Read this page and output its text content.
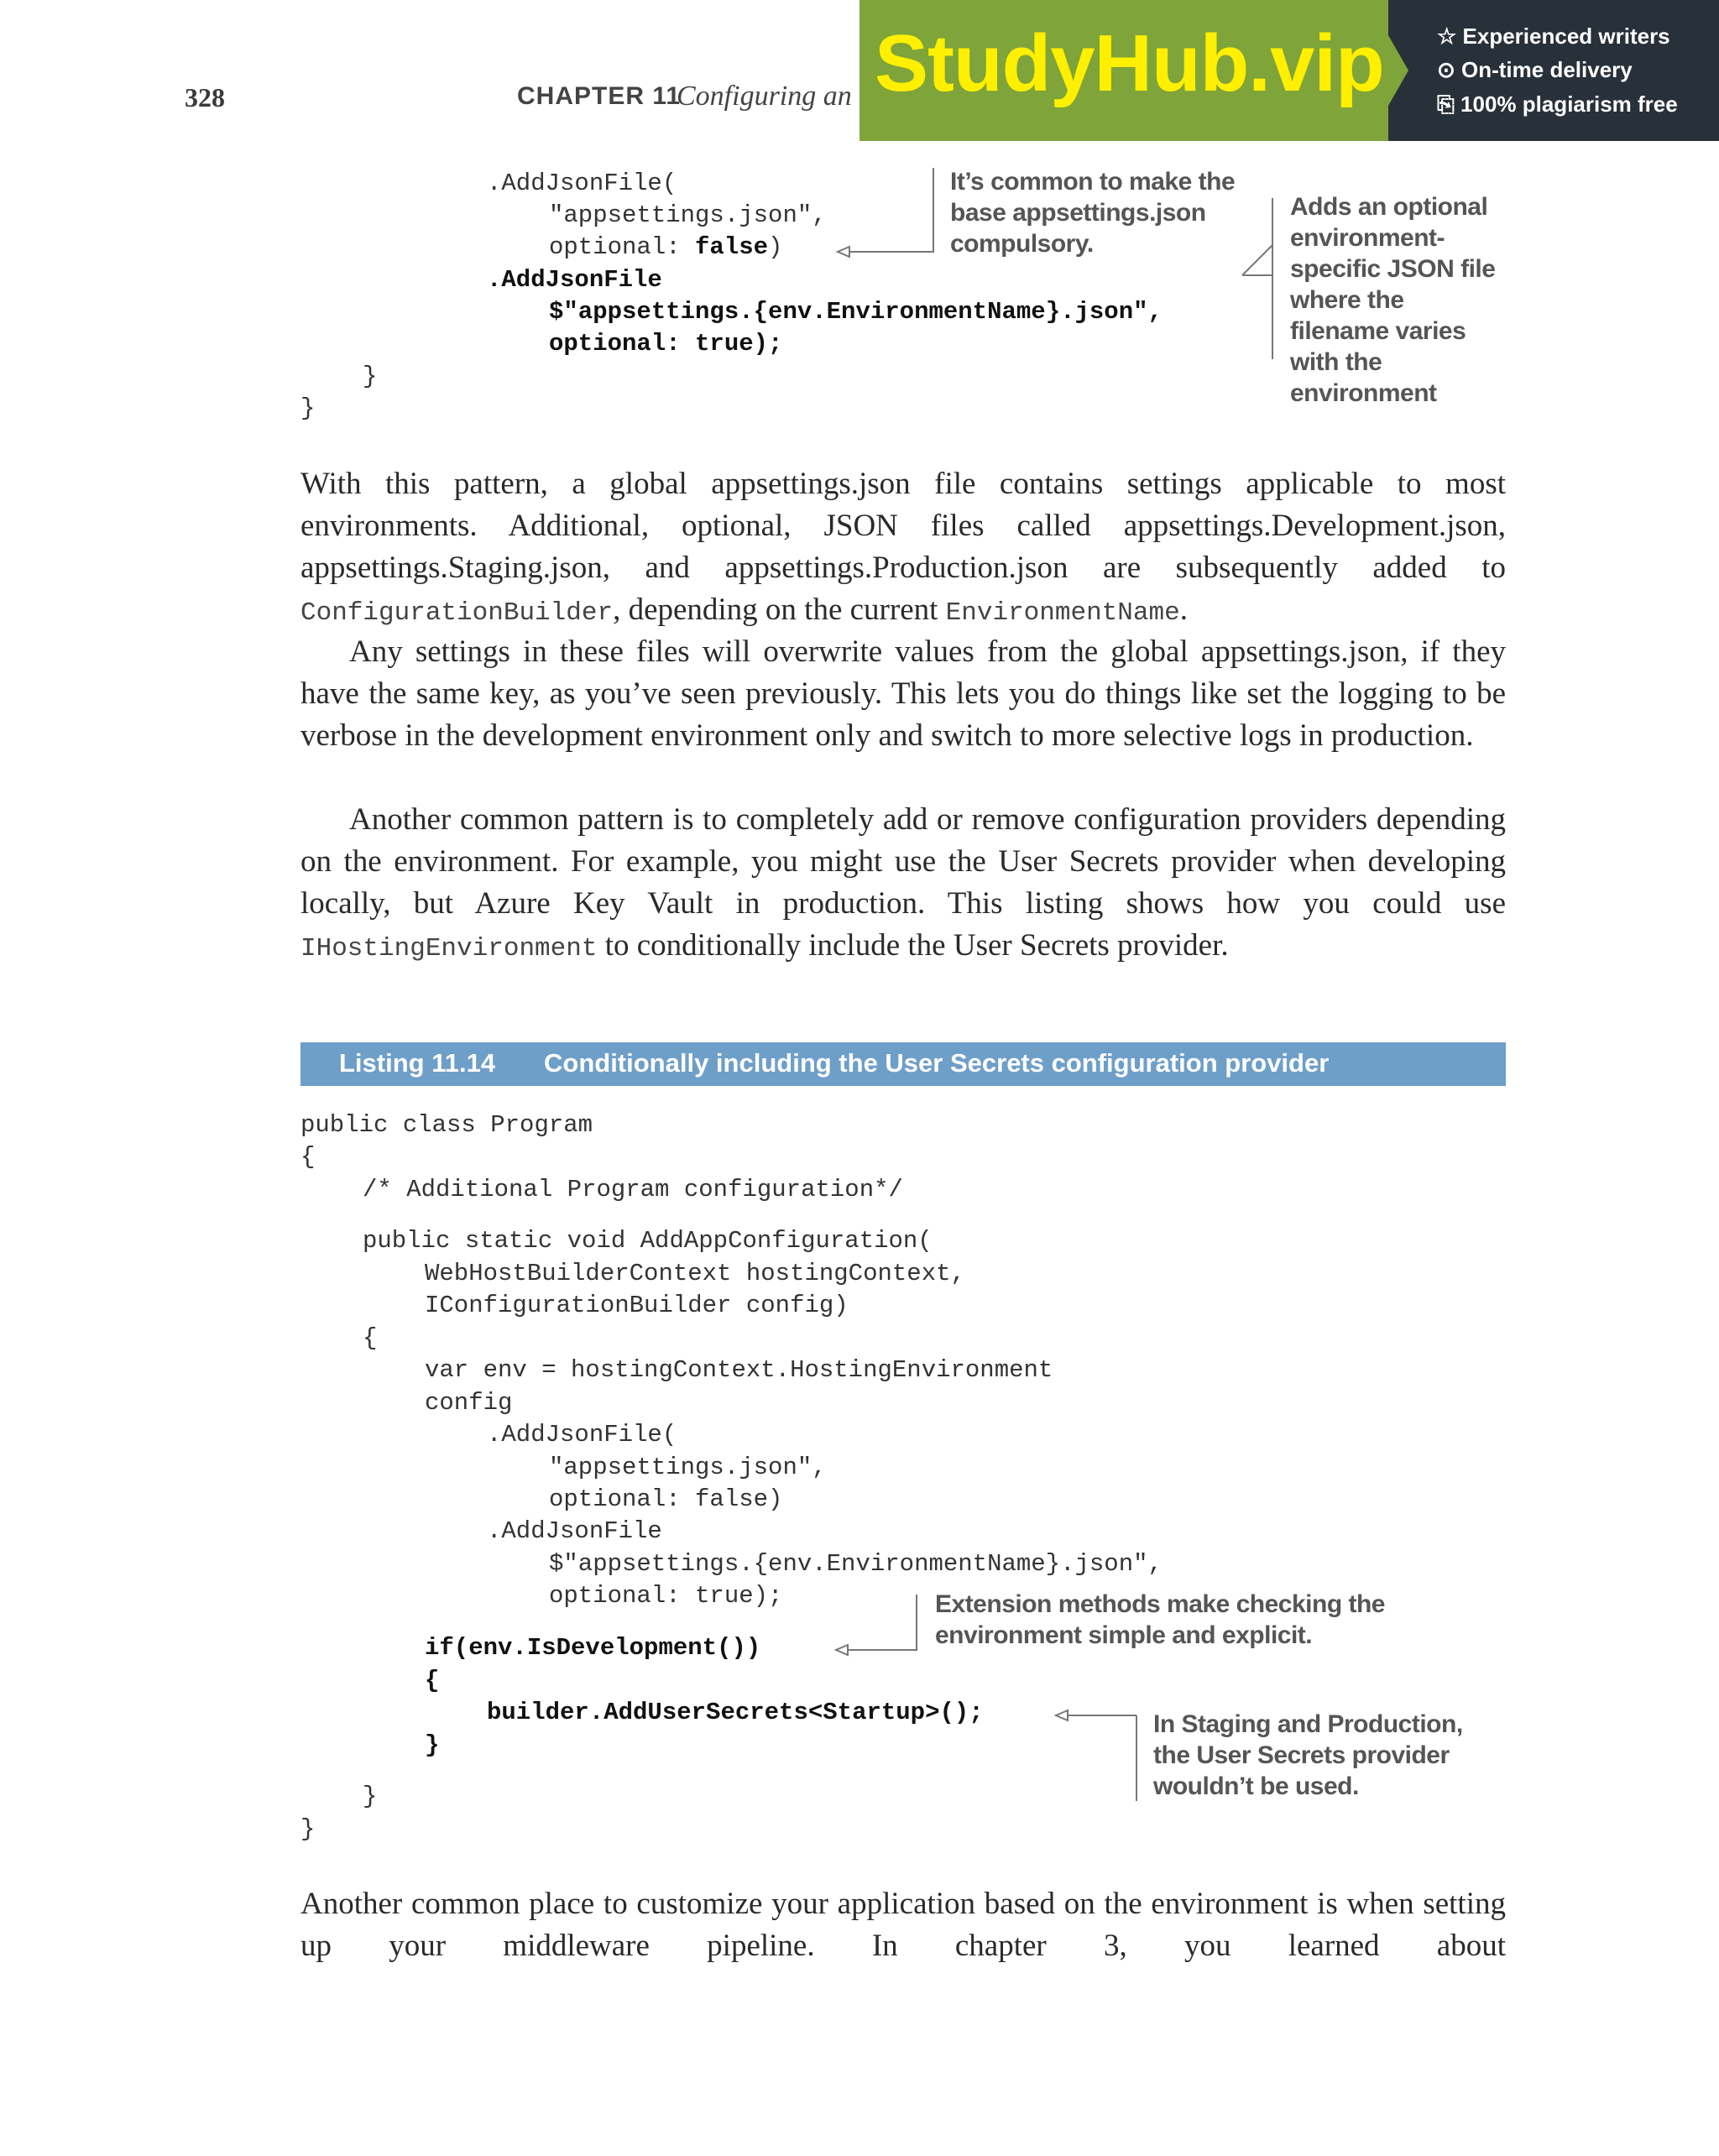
328	CHAPTER 11
Configuring an StudyHub.vip ☆ Experienced writers
⊙ On-time delivery
⎘ 100% plagiarism free
.AddJsonFile(
"appsettings.json",
optional: false)
.AddJsonFile
$"appsettings.{env.EnvironmentName}.json",
optional: true);
}
}
It’s common to make the
base appsettings.json
compulsory.
Adds an optional
environment-
specific JSON file
where the
filename varies
with the
environment
With this pattern, a global appsettings.json file contains settings applicable to most environments. Additional, optional, JSON files called appsettings.Development.json, appsettings.Staging.json, and appsettings.Production.json are subsequently added to ConfigurationBuilder, depending on the current EnvironmentName.
Any settings in these files will overwrite values from the global appsettings.json, if they have the same key, as you’ve seen previously. This lets you do things like set the logging to be verbose in the development environment only and switch to more selective logs in production.
Another common pattern is to completely add or remove configuration providers depending on the environment. For example, you might use the User Secrets provider when developing locally, but Azure Key Vault in production. This listing shows how you could use IHostingEnvironment to conditionally include the User Secrets provider.
Listing 11.14 Conditionally including the User Secrets configuration provider
public class Program
{
/* Additional Program configuration*/
public static void AddAppConfiguration(
WebHostBuilderContext hostingContext,
IConfigurationBuilder config)
{
var env = hostingContext.HostingEnvironment
config
.AddJsonFile(
"appsettings.json",
optional: false)
.AddJsonFile
$"appsettings.{env.EnvironmentName}.json",
optional: true);
if(env.IsDevelopment())
{
builder.AddUserSecrets<Startup>();
}
}
}
Extension methods make checking the
environment simple and explicit.
In Staging and Production,
the User Secrets provider
wouldn’t be used.
Another common place to customize your application based on the environment is when setting up your middleware pipeline. In chapter 3, you learned about
